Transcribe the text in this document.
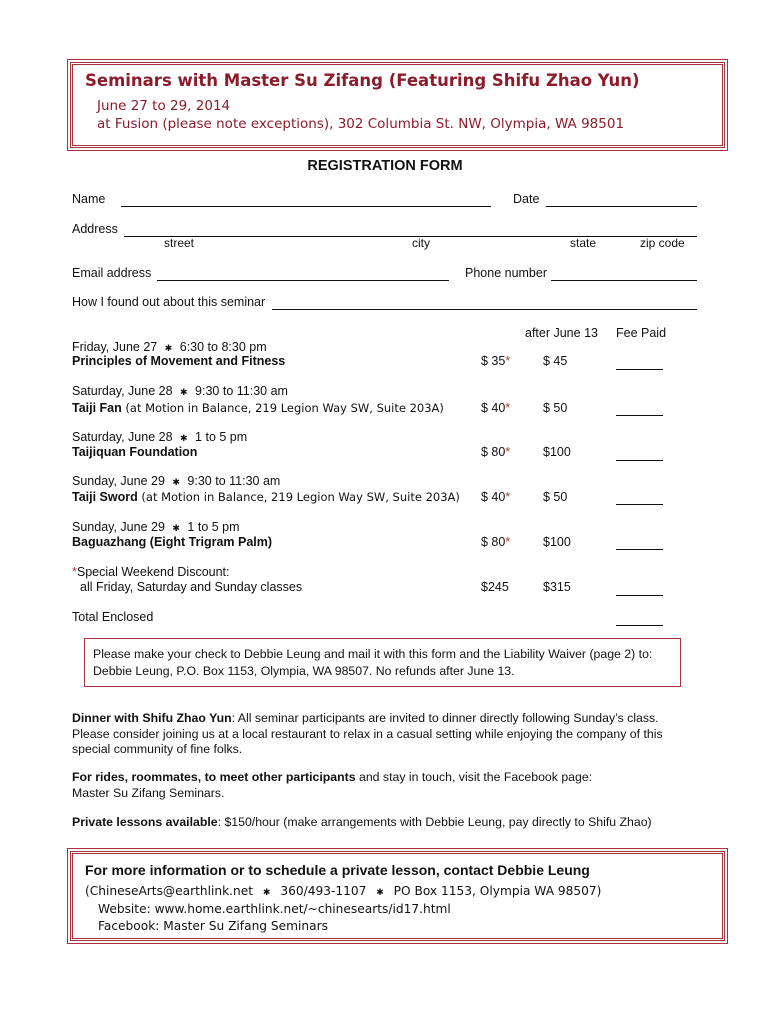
Seminars with Master Su Zifang (Featuring Shifu Zhao Yun)
June 27 to 29, 2014
at Fusion (please note exceptions), 302 Columbia St. NW, Olympia, WA 98501
REGISTRATION FORM
Name	Date
Address
street	city	state	zip code
Email address	Phone number
How I found out about this seminar
after June 13 Fee Paid
Friday, June 27 ✱ 6:30 to 8:30 pm
Principles of Movement and Fitness	$ 35*	$ 45
Saturday, June 28 ✱ 9:30 to 11:30 am
Taiji Fan (at Motion in Balance, 219 Legion Way SW, Suite 203A)	$ 40*	$ 50
Saturday, June 28 ✱ 1 to 5 pm
Taijiquan Foundation	$ 80*	$100
Sunday, June 29 ✱ 9:30 to 11:30 am
Taiji Sword (at Motion in Balance, 219 Legion Way SW, Suite 203A) $ 40*	$ 50
Sunday, June 29 ✱ 1 to 5 pm
Baguazhang (Eight Trigram Palm)	$ 80*	$100
*Special Weekend Discount:
all Friday, Saturday and Sunday classes	$245	$315
Total Enclosed
Please make your check to Debbie Leung and mail it with this form and the Liability Waiver (page 2) to: Debbie Leung, P.O. Box 1153, Olympia, WA 98507. No refunds after June 13.
Dinner with Shifu Zhao Yun: All seminar participants are invited to dinner directly following Sunday’s class. Please consider joining us at a local restaurant to relax in a casual setting while enjoying the company of this special community of fine folks.
For rides, roommates, to meet other participants and stay in touch, visit the Facebook page: Master Su Zifang Seminars.
Private lessons available: $150/hour (make arrangements with Debbie Leung, pay directly to Shifu Zhao)
For more information or to schedule a private lesson, contact Debbie Leung
(ChineseArts@earthlink.net ✱ 360/493-1107 ✱ PO Box 1153, Olympia WA 98507)
Website: www.home.earthlink.net/~chinesearts/id17.html
Facebook: Master Su Zifang Seminars
